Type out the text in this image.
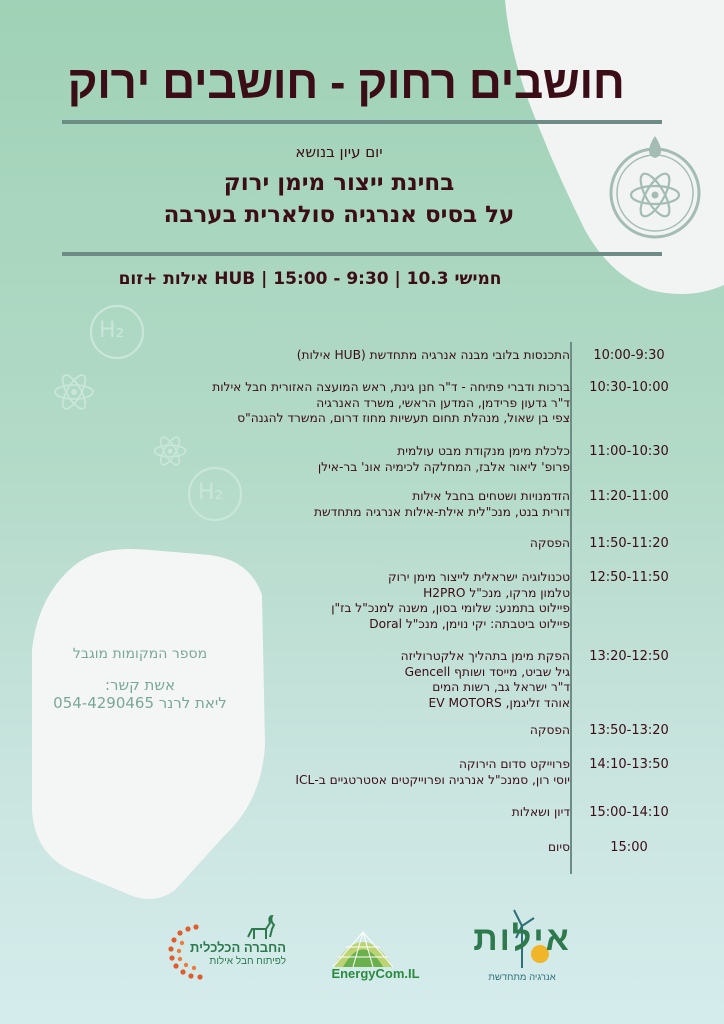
חושבים רחוק - חושבים ירוק
יום עיון בנושא
בחינת ייצור מימן ירוק
על בסיס אנרגיה סולארית בערבה
חמישי 10.3 | 9:30 - 15:00 | HUB אילות +זום
H₂
H₂
10:00-9:30
התכנסות בלובי מבנה אנרגיה מתחדשת (HUB אילות)
10:30-10:00
ברכות ודברי פתיחה - ד"ר חנן גינת, ראש המועצה האזורית חבל אילות
ד"ר גדעון פרידמן, המדען הראשי, משרד האנרגיה
צפי בן שאול, מנהלת תחום תעשיות מחוז דרום, המשרד להגנה"ס
11:00-10:30
כלכלת מימן מנקודת מבט עולמית
פרופ' ליאור אלבז, המחלקה לכימיה אונ' בר-אילן
11:20-11:00
הזדמנויות ושטחים בחבל אילות
דורית בנט, מנכ"לית אילת-אילות אנרגיה מתחדשת
11:50-11:20
הפסקה
12:50-11:50
טכנולוגיה ישראלית לייצור מימן ירוק
טלמון מרקו, מנכ"ל H2PRO
פיילוט בתמנע: שלומי בסון, משנה למנכ"ל בז"ן
פיילוט ביטבתה: יקי נוימן, מנכ"ל Doral
13:20-12:50
הפקת מימן בתהליך אלקטרוליזה
גיל שביט, מייסד ושותף Gencell
ד"ר ישראל גב, רשות המים
אוהד זליגמן, EV MOTORS
13:50-13:20
הפסקה
14:10-13:50
פרוייקט סדום הירוקה
יוסי רון, סמנכ"ל אנרגיה ופרוייקטים אסטרטגיים ב-ICL
15:00-14:10
דיון ושאלות
15:00
סיום
מספר המקומות מוגבל
אשת קשר:
ליאת לרנר 054-4290465
אילות
אנרגיה מתחדשת
EnergyCom.IL
החברה הכלכלית
לפיתוח חבל אילות
